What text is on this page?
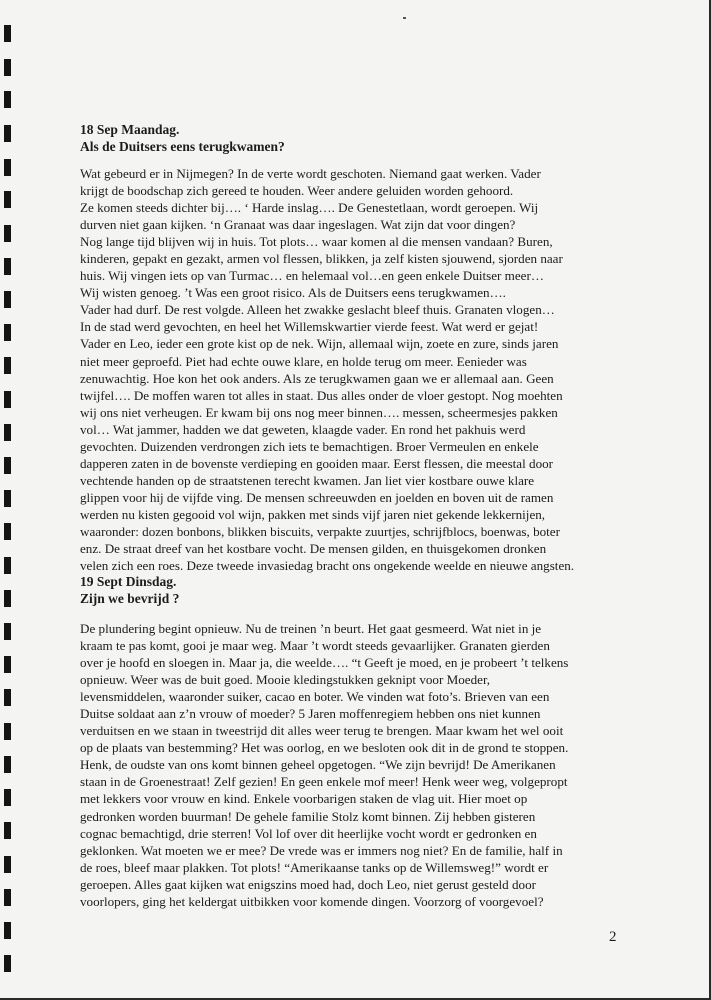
18 Sep Maandag.
Als de Duitsers eens terugkwamen?
Wat gebeurd er in Nijmegen? In de verte wordt geschoten. Niemand gaat werken. Vader
krijgt de boodschap zich gereed te houden. Weer andere geluiden worden gehoord.
Ze komen steeds dichter bij…. ‘ Harde inslag…. De Genestetlaan, wordt geroepen. Wij
durven niet gaan kijken. ‘n Granaat was daar ingeslagen. Wat zijn dat voor dingen?
Nog lange tijd blijven wij in huis. Tot plots… waar komen al die mensen vandaan? Buren,
kinderen, gepakt en gezakt, armen vol flessen, blikken, ja zelf kisten sjouwend, sjorden naar
huis. Wij vingen iets op van Turmac… en helemaal vol…en geen enkele Duitser meer…
Wij wisten genoeg. ’t Was een groot risico. Als de Duitsers eens terugkwamen….
Vader had durf. De rest volgde. Alleen het zwakke geslacht bleef thuis. Granaten vlogen…
In de stad werd gevochten, en heel het Willemskwartier vierde feest. Wat werd er gejat!
Vader en Leo, ieder een grote kist op de nek. Wijn, allemaal wijn, zoete en zure, sinds jaren
niet meer geproefd. Piet had echte ouwe klare, en holde terug om meer. Eenieder was
zenuwachtig. Hoe kon het ook anders. Als ze terugkwamen gaan we er allemaal aan. Geen
twijfel…. De moffen waren tot alles in staat. Dus alles onder de vloer gestopt. Nog moehten
wij ons niet verheugen. Er kwam bij ons nog meer binnen…. messen, scheermesjes pakken
vol… Wat jammer, hadden we dat geweten, klaagde vader. En rond het pakhuis werd
gevochten. Duizenden verdrongen zich iets te bemachtigen. Broer Vermeulen en enkele
dapperen zaten in de bovenste verdieping en gooiden maar. Eerst flessen, die meestal door
vechtende handen op de straatstenen terecht kwamen. Jan liet vier kostbare ouwe klare
glippen voor hij de vijfde ving. De mensen schreeuwden en joelden en boven uit de ramen
werden nu kisten gegooid vol wijn, pakken met sinds vijf jaren niet gekende lekkernijen,
waaronder: dozen bonbons, blikken biscuits, verpakte zuurtjes, schrijfblocs, boenwas, boter
enz. De straat dreef van het kostbare vocht. De mensen gilden, en thuisgekomen dronken
velen zich een roes. Deze tweede invasiedag bracht ons ongekende weelde en nieuwe angsten.
19 Sept Dinsdag.
Zijn we bevrijd ?
De plundering begint opnieuw. Nu de treinen ’n beurt. Het gaat gesmeerd. Wat niet in je
kraam te pas komt, gooi je maar weg. Maar ’t wordt steeds gevaarlijker. Granaten gierden
over je hoofd en sloegen in. Maar ja, die weelde…. “t Geeft je moed, en je probeert ’t telkens
opnieuw. Weer was de buit goed. Mooie kledingstukken geknipt voor Moeder,
levensmiddelen, waaronder suiker, cacao en boter. We vinden wat foto’s. Brieven van een
Duitse soldaat aan z’n vrouw of moeder? 5 Jaren moffenregiem hebben ons niet kunnen
verduitsen en we staan in tweestrijd dit alles weer terug te brengen. Maar kwam het wel ooit
op de plaats van bestemming? Het was oorlog, en we besloten ook dit in de grond te stoppen.
Henk, de oudste van ons komt binnen geheel opgetogen. “We zijn bevrijd! De Amerikanen
staan in de Groenestraat! Zelf gezien! En geen enkele mof meer! Henk weer weg, volgepropt
met lekkers voor vrouw en kind. Enkele voorbarigen staken de vlag uit. Hier moet op
gedronken worden buurman! De gehele familie Stolz komt binnen. Zij hebben gisteren
cognac bemachtigd, drie sterren! Vol lof over dit heerlijke vocht wordt er gedronken en
geklonken. Wat moeten we er mee? De vrede was er immers nog niet? En de familie, half in
de roes, bleef maar plakken. Tot plots! “Amerikaanse tanks op de Willemsweg!” wordt er
geroepen. Alles gaat kijken wat enigszins moed had, doch Leo, niet gerust gesteld door
voorlopers, ging het keldergat uitbikken voor komende dingen. Voorzorg of voorgevoel?
2
